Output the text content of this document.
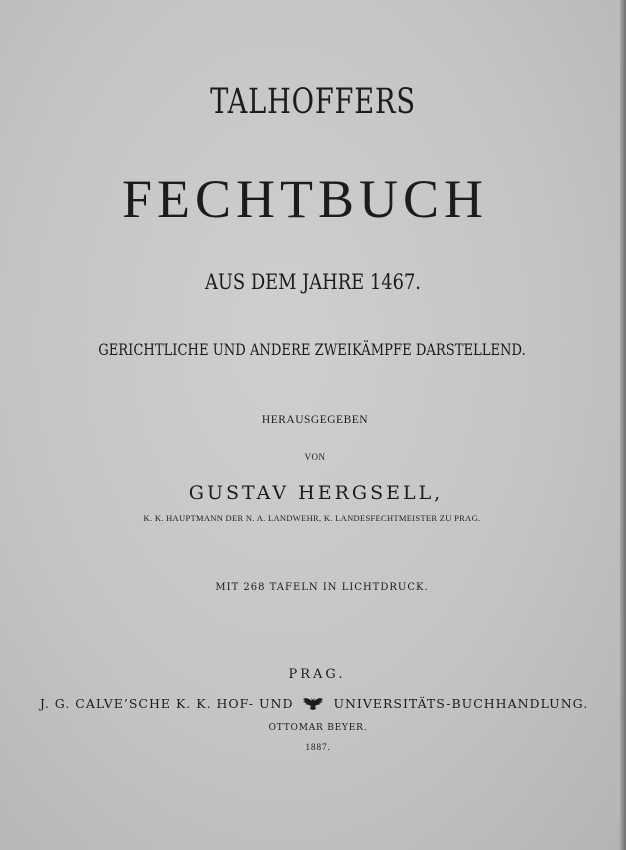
TALHOFFERS
FECHTBUCH
AUS DEM JAHRE 1467.
GERICHTLICHE UND ANDERE ZWEIKÄMPFE DARSTELLEND.
HERAUSGEGEBEN
VON
GUSTAV HERGSELL,
K. K. HAUPTMANN DER N. A. LANDWEHR, K. LANDESFECHTMEISTER ZU PRAG.
MIT 268 TAFELN IN LICHTDRUCK.
PRAG.
J. G. CALVE’SCHE K. K. HOF- UND	UNIVERSITÄTS-BUCHHANDLUNG.
OTTOMAR BEYER.
1887.
